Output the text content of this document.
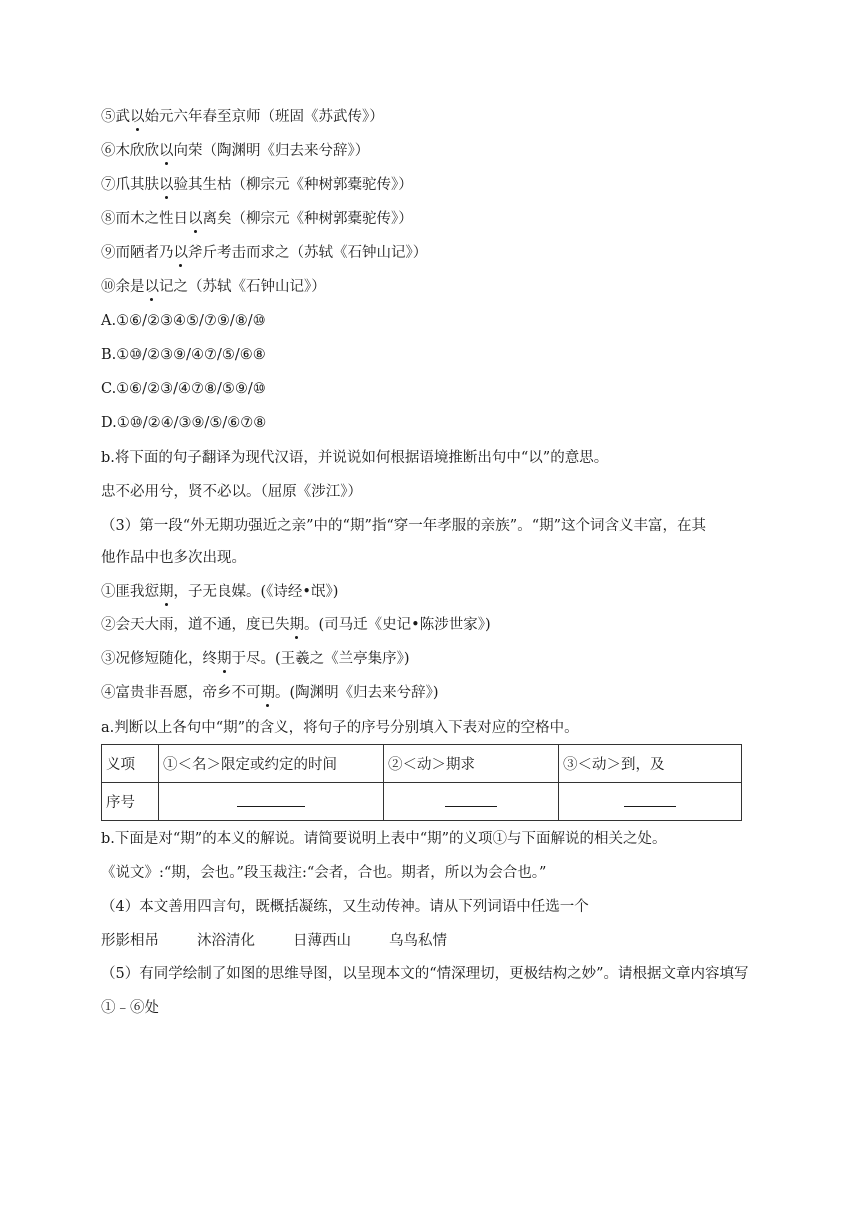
⑤武以始元六年春至京师（班固《苏武传》）
⑥木欣欣以向荣（陶渊明《归去来兮辞》）
⑦爪其肤以验其生枯（柳宗元《种树郭橐驼传》）
⑧而木之性日以离矣（柳宗元《种树郭橐驼传》）
⑨而陋者乃以斧斤考击而求之（苏轼《石钟山记》）
⑩余是以记之（苏轼《石钟山记》）
A.①⑥/②③④⑤/⑦⑨/⑧/⑩
B.①⑩/②③⑨/④⑦/⑤/⑥⑧
C.①⑥/②③/④⑦⑧/⑤⑨/⑩
D.①⑩/②④/③⑨/⑤/⑥⑦⑧
b.将下面的句子翻译为现代汉语，并说说如何根据语境推断出句中“以”的意思。
忠不必用兮，贤不必以。（屈原《涉江》）
（3）第一段“外无期功强近之亲”中的“期”指“穿一年孝服的亲族”。“期”这个词含义丰富，在其
他作品中也多次出现。
①匪我愆期，子无良媒。(《诗经•氓》)
②会天大雨，道不通，度已失期。(司马迁《史记•陈涉世家》)
③况修短随化，终期于尽。(王羲之《兰亭集序》)
④富贵非吾愿，帝乡不可期。(陶渊明《归去来兮辞》)
a.判断以上各句中“期”的含义，将句子的序号分别填入下表对应的空格中。
义项	①＜名＞限定或约定的时间	②＜动＞期求	③＜动＞到，及
序号			
b.下面是对“期”的本义的解说。请简要说明上表中“期”的义项①与下面解说的相关之处。
《说文》:“期，会也。”段玉裁注:“会者，合也。期者，所以为会合也。”
（4）本文善用四言句，既概括凝练，又生动传神。请从下列词语中任选一个
形影相吊	沐浴清化	日薄西山	乌鸟私情
（5）有同学绘制了如图的思维导图，以呈现本文的“情深理切，更极结构之妙”。请根据文章内容填写
①﹣⑥处
